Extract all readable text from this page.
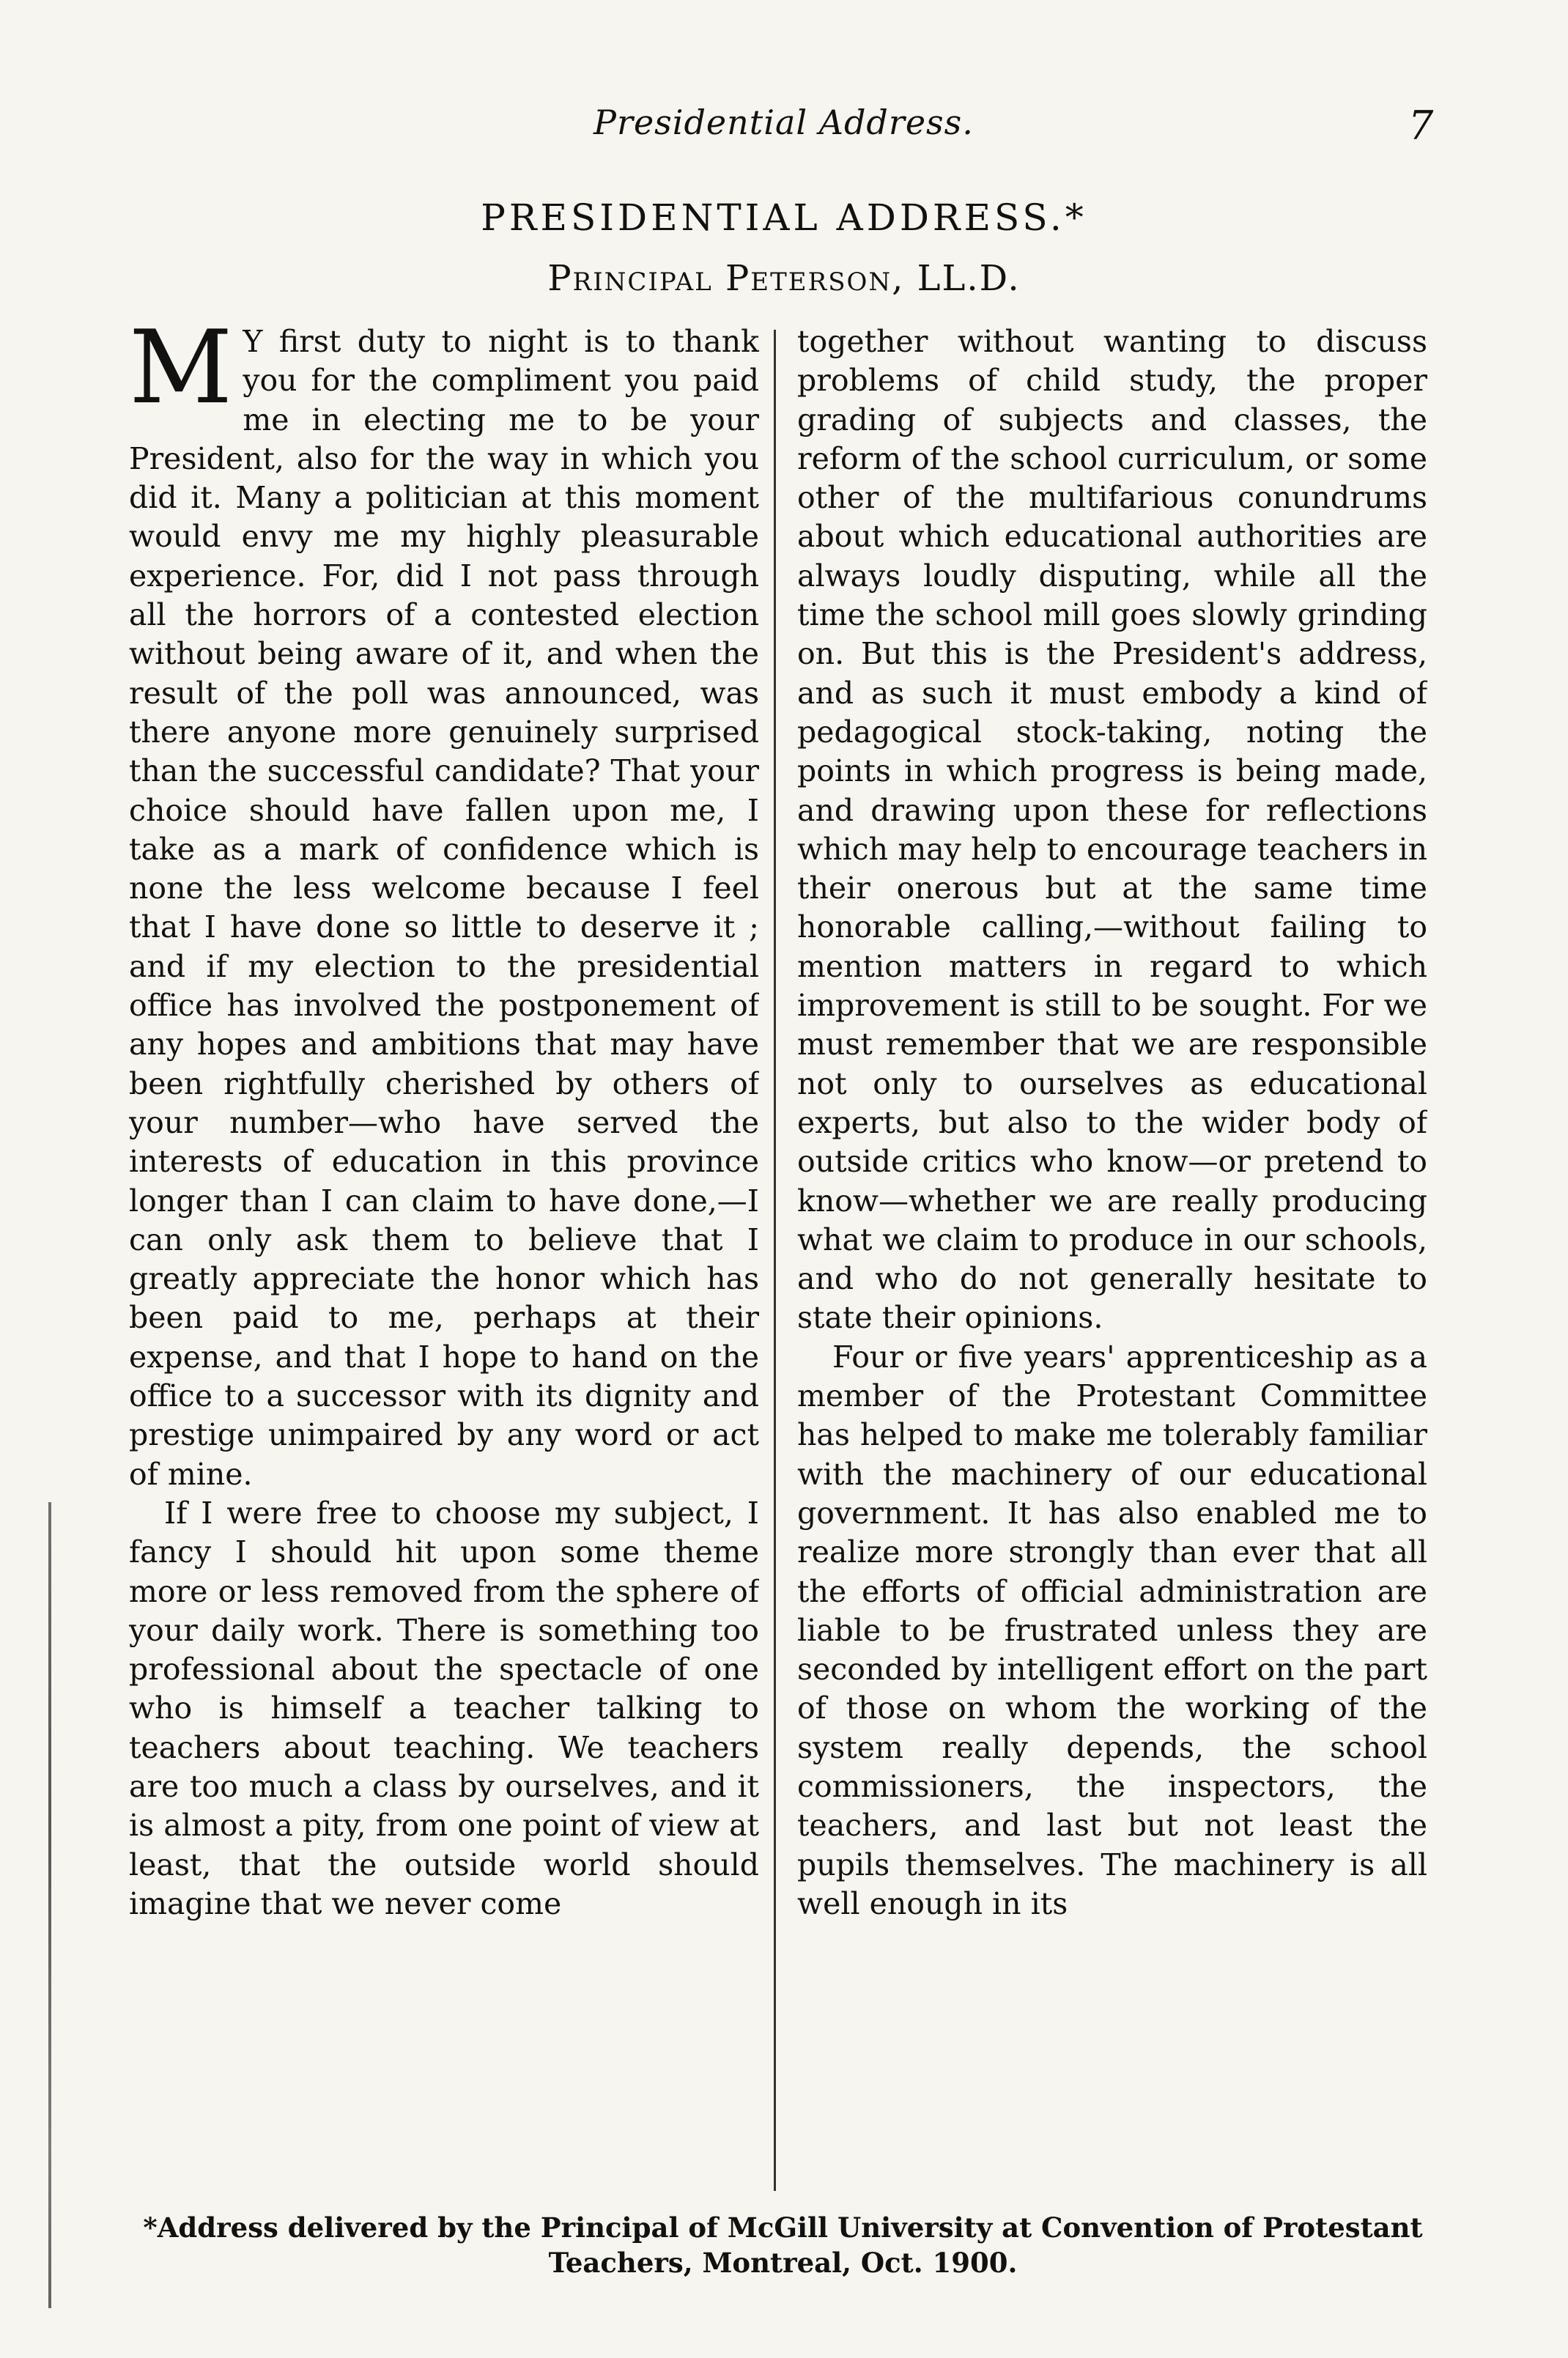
Presidential Address.	7
PRESIDENTIAL ADDRESS.*
Principal Peterson, LL.D.

M Y first duty to night is to thank you for the compliment you paid me in electing me to be your President, also for the way in which you did it. Many a politician at this moment would envy me my highly pleasurable experience. For, did I not pass through all the horrors of a contested election without being aware of it, and when the result of the poll was announced, was there anyone more genuinely surprised than the successful candidate? That your choice should have fallen upon me, I take as a mark of confidence which is none the less welcome because I feel that I have done so little to deserve it ; and if my election to the presidential office has involved the postponement of any hopes and ambitions that may have been rightfully cherished by others of your number—who have served the interests of education in this province longer than I can claim to have done,—I can only ask them to believe that I greatly appreciate the honor which has been paid to me, perhaps at their expense, and that I hope to hand on the office to a successor with its dignity and prestige unimpaired by any word or act of mine.

If I were free to choose my subject, I fancy I should hit upon some theme more or less removed from the sphere of your daily work. There is something too professional about the spectacle of one who is himself a teacher talking to teachers about teaching. We teachers are too much a class by ourselves, and it is almost a pity, from one point of view at least, that the outside world should imagine that we never come

together without wanting to discuss problems of child study, the proper grading of subjects and classes, the reform of the school curriculum, or some other of the multifarious conundrums about which educational authorities are always loudly disputing, while all the time the school mill goes slowly grinding on. But this is the President's address, and as such it must embody a kind of pedagogical stock-taking, noting the points in which progress is being made, and drawing upon these for reflections which may help to encourage teachers in their onerous but at the same time honorable calling,—without failing to mention matters in regard to which improvement is still to be sought. For we must remember that we are responsible not only to ourselves as educational experts, but also to the wider body of outside critics who know—or pretend to know—whether we are really producing what we claim to produce in our schools, and who do not generally hesitate to state their opinions.

Four or five years' apprenticeship as a member of the Protestant Committee has helped to make me tolerably familiar with the machinery of our educational government. It has also enabled me to realize more strongly than ever that all the efforts of official administration are liable to be frustrated unless they are seconded by intelligent effort on the part of those on whom the working of the system really depends, the school commissioners, the inspectors, the teachers, and last but not least the pupils themselves. The machinery is all well enough in its

*Address delivered by the Principal of McGill University at Convention of Protestant Teachers, Montreal, Oct. 1900.
